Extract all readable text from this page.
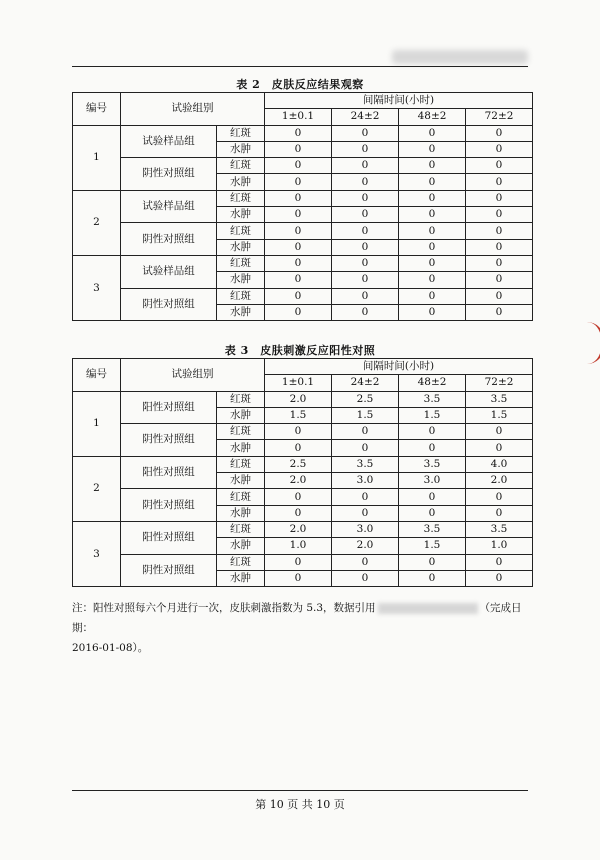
表 2　皮肤反应结果观察
编号	试验组别		间隔时间(小时)			
			1±0.1	24±2	48±2	72±2
1	试验样品组	红斑	0	0	0	0
		水肿	0	0	0	0
	阴性对照组	红斑	0	0	0	0
		水肿	0	0	0	0
2	试验样品组	红斑	0	0	0	0
		水肿	0	0	0	0
	阴性对照组	红斑	0	0	0	0
		水肿	0	0	0	0
3	试验样品组	红斑	0	0	0	0
		水肿	0	0	0	0
	阴性对照组	红斑	0	0	0	0
		水肿	0	0	0	0
表 3　皮肤刺激反应阳性对照
编号	试验组别		间隔时间(小时)			
			1±0.1	24±2	48±2	72±2
1	阳性对照组	红斑	2.0	2.5	3.5	3.5
		水肿	1.5	1.5	1.5	1.5
	阴性对照组	红斑	0	0	0	0
		水肿	0	0	0	0
2	阳性对照组	红斑	2.5	3.5	3.5	4.0
		水肿	2.0	3.0	3.0	2.0
	阴性对照组	红斑	0	0	0	0
		水肿	0	0	0	0
3	阳性对照组	红斑	2.0	3.0	3.5	3.5
		水肿	1.0	2.0	1.5	1.0
	阴性对照组	红斑	0	0	0	0
		水肿	0	0	0	0
注：阳性对照每六个月进行一次，皮肤刺激指数为 5.3，数据引用	（完成日期：
2016-01-08）。
第 10 页 共 10 页
